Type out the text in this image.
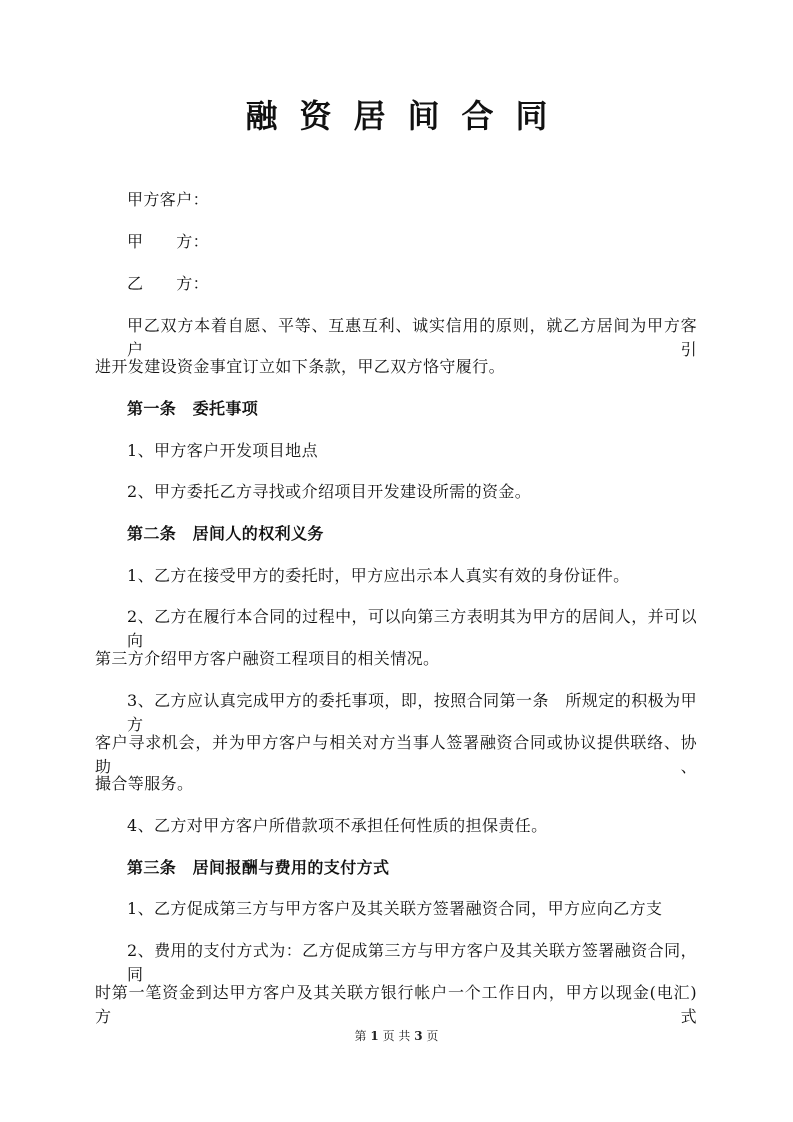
融资居间合同
甲方客户：
甲　　方：
乙　　方：
甲乙双方本着自愿、平等、互惠互利、诚实信用的原则，就乙方居间为甲方客户引
进开发建设资金事宜订立如下条款，甲乙双方恪守履行。
第一条　委托事项
1、甲方客户开发项目地点
2、甲方委托乙方寻找或介绍项目开发建设所需的资金。
第二条　居间人的权利义务
1、乙方在接受甲方的委托时，甲方应出示本人真实有效的身份证件。
2、乙方在履行本合同的过程中，可以向第三方表明其为甲方的居间人，并可以向
第三方介绍甲方客户融资工程项目的相关情况。
3、乙方应认真完成甲方的委托事项，即，按照合同第一条　所规定的积极为甲方
客户寻求机会，并为甲方客户与相关对方当事人签署融资合同或协议提供联络、协助、
撮合等服务。
4、乙方对甲方客户所借款项不承担任何性质的担保责任。
第三条　居间报酬与费用的支付方式
1、乙方促成第三方与甲方客户及其关联方签署融资合同，甲方应向乙方支
2、费用的支付方式为：乙方促成第三方与甲方客户及其关联方签署融资合同，同
时第一笔资金到达甲方客户及其关联方银行帐户一个工作日内，甲方以现金(电汇)方式
第 1 页 共 3 页
